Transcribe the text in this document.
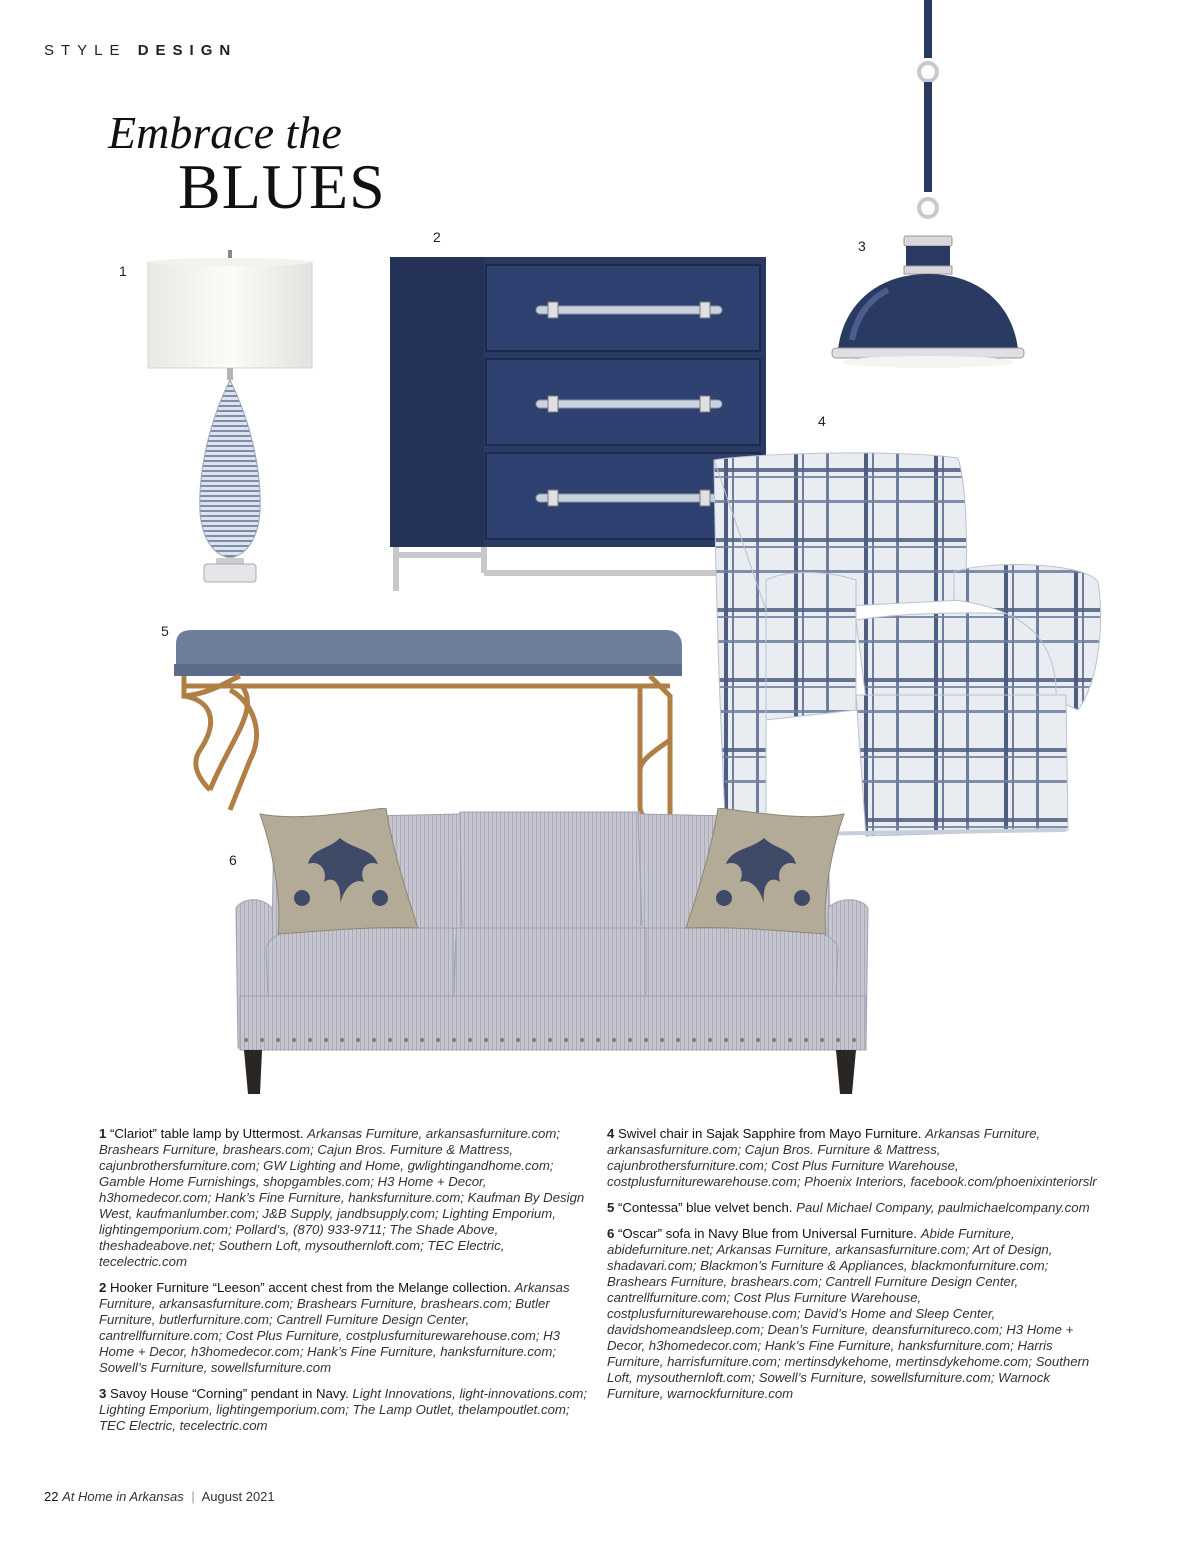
STYLE DESIGN
Embrace the
BLUES
1
2
3
4
5
6

1 “Clariot” table lamp by Uttermost. Arkansas Furniture, arkansasfurniture.com; Brashears Furniture, brashears.com; Cajun Bros. Furniture & Mattress, cajunbrothersfurniture.com; GW Lighting and Home, gwlightingandhome.com; Gamble Home Furnishings, shopgambles.com; H3 Home + Decor, h3homedecor.com; Hank’s Fine Furniture, hanksfurniture.com; Kaufman By Design West, kaufmanlumber.com; J&B Supply, jandbsupply.com; Lighting Emporium, lightingemporium.com; Pollard’s, (870) 933-9711; The Shade Above, theshadeabove.net; Southern Loft, mysouthernloft.com; TEC Electric, tecelectric.com

2 Hooker Furniture “Leeson” accent chest from the Melange collection. Arkansas Furniture, arkansasfurniture.com; Brashears Furniture, brashears.com; Butler Furniture, butlerfurniture.com; Cantrell Furniture Design Center, cantrellfurniture.com; Cost Plus Furniture, costplusfurniturewarehouse.com; H3 Home + Decor, h3homedecor.com; Hank’s Fine Furniture, hanksfurniture.com; Sowell’s Furniture, sowellsfurniture.com

3 Savoy House “Corning” pendant in Navy. Light Innovations, light-innovations.com; Lighting Emporium, lightingemporium.com; The Lamp Outlet, thelampoutlet.com; TEC Electric, tecelectric.com

4 Swivel chair in Sajak Sapphire from Mayo Furniture. Arkansas Furniture, arkansasfurniture.com; Cajun Bros. Furniture & Mattress, cajunbrothersfurniture.com; Cost Plus Furniture Warehouse, costplusfurniturewarehouse.com; Phoenix Interiors, facebook.com/phoenixinteriorslr

5 “Contessa” blue velvet bench. Paul Michael Company, paulmichaelcompany.com

6 “Oscar” sofa in Navy Blue from Universal Furniture. Abide Furniture, abidefurniture.net; Arkansas Furniture, arkansasfurniture.com; Art of Design, shadavari.com; Blackmon’s Furniture & Appliances, blackmonfurniture.com; Brashears Furniture, brashears.com; Cantrell Furniture Design Center, cantrellfurniture.com; Cost Plus Furniture Warehouse, costplusfurniturewarehouse.com; David’s Home and Sleep Center, davidshomeandsleep.com; Dean’s Furniture, deansfurnitureco.com; H3 Home + Decor, h3homedecor.com; Hank’s Fine Furniture, hanksfurniture.com; Harris Furniture, harrisfurniture.com; mertinsdykehome, mertinsdykehome.com; Southern Loft, mysouthernloft.com; Sowell’s Furniture, sowellsfurniture.com; Warnock Furniture, warnockfurniture.com

22 At Home in Arkansas | August 2021
